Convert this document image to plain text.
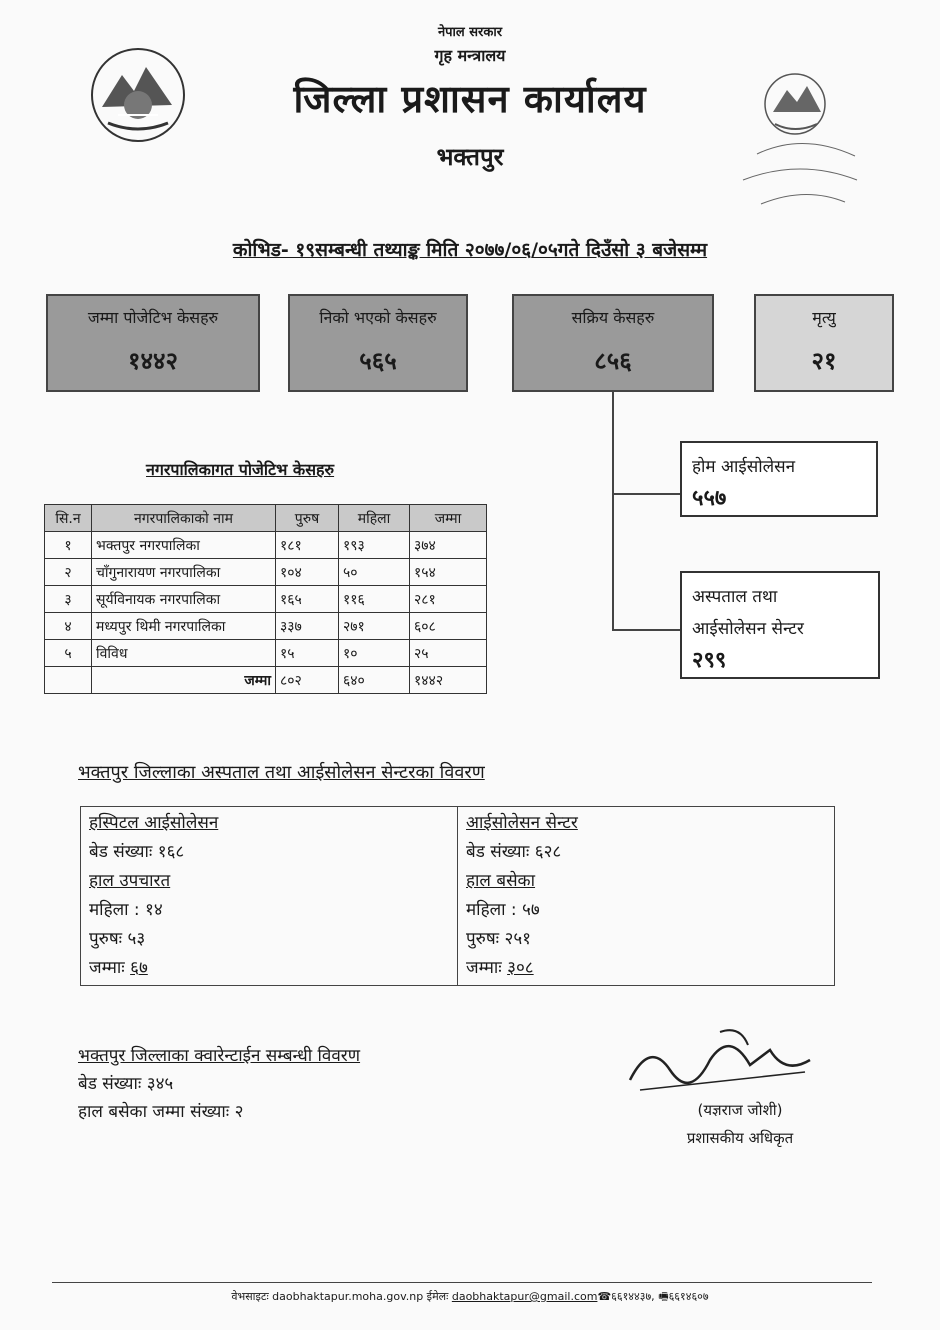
नेपाल सरकार
गृह मन्त्रालय
जिल्ला प्रशासन कार्यालय
भक्तपुर
कोभिड- १९सम्बन्धी तथ्याङ्क मिति २०७७/०६/०५गते दिउँसो ३ बजेसम्म
जम्मा पोजेटिभ केसहरु
१४४२
निको भएको केसहरु
५६५
सक्रिय केसहरु
८५६
मृत्यु
२१
होम आईसोलेसन
५५७
अस्पताल तथा
आईसोलेसन सेन्टर
२९९
नगरपालिकागत पोजेटिभ केसहरु
सि.न	नगरपालिकाको नाम	पुरुष	महिला	जम्मा
१	भक्तपुर नगरपालिका	१८१	१९३	३७४
२	चाँगुनारायण नगरपालिका	१०४	५०	१५४
३	सूर्यविनायक नगरपालिका	१६५	११६	२८१
४	मध्यपुर थिमी नगरपालिका	३३७	२७१	६०८
५	विविध	१५	१०	२५
	जम्मा	८०२	६४०	१४४२
भक्तपुर जिल्लाका अस्पताल तथा आईसोलेसन सेन्टरका विवरण
हस्पिटल आईसोलेसन
बेड संख्याः १६८
हाल उपचारत
महिला : १४
पुरुषः ५३
जम्माः ६७

आईसोलेसन सेन्टर
बेड संख्याः ६२८
हाल बसेका
महिला : ५७
पुरुषः २५१
जम्माः ३०८
भक्तपुर जिल्लाका क्वारेन्टाईन सम्बन्धी विवरण
बेड संख्याः ३४५
हाल बसेका जम्मा संख्याः २	(यज्ञराज जोशी)
प्रशासकीय अधिकृत
वेभसाइटः daobhaktapur.moha.gov.np ईमेलः daobhaktapur@gmail.com☎६६१४४३७, 🖷६६१४६०७
